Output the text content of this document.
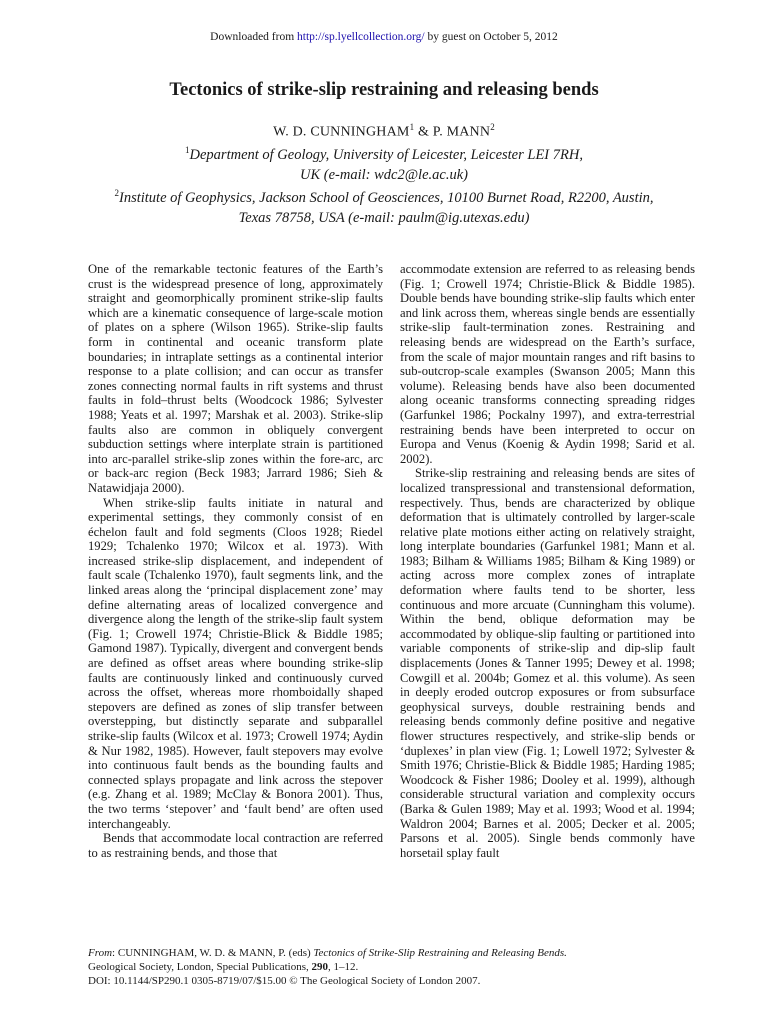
Downloaded from http://sp.lyellcollection.org/ by guest on October 5, 2012
Tectonics of strike-slip restraining and releasing bends
W. D. CUNNINGHAM$^1$ & P. MANN$^2$
$^1$Department of Geology, University of Leicester, Leicester LEI 7RH,
UK (e-mail: wdc2@le.ac.uk)
$^2$Institute of Geophysics, Jackson School of Geosciences, 10100 Burnet Road, R2200, Austin,
Texas 78758, USA (e-mail: paulm@ig.utexas.edu)

One of the remarkable tectonic features of the Earth’s crust is the widespread presence of long, approximately straight and geomorphically prominent strike-slip faults which are a kinematic consequence of large-scale motion of plates on a sphere (Wilson 1965). Strike-slip faults form in continental and oceanic transform plate boundaries; in intraplate settings as a continental interior response to a plate collision; and can occur as transfer zones connecting normal faults in rift systems and thrust faults in fold–thrust belts (Woodcock 1986; Sylvester 1988; Yeats et al. 1997; Marshak et al. 2003). Strike-slip faults also are common in obliquely convergent subduction settings where interplate strain is partitioned into arc-parallel strike-slip zones within the fore-arc, arc or back-arc region (Beck 1983; Jarrard 1986; Sieh & Natawidjaja 2000).

When strike-slip faults initiate in natural and experimental settings, they commonly consist of en échelon fault and fold segments (Cloos 1928; Riedel 1929; Tchalenko 1970; Wilcox et al. 1973). With increased strike-slip displacement, and independent of fault scale (Tchalenko 1970), fault segments link, and the linked areas along the ‘principal displacement zone’ may define alternating areas of localized convergence and divergence along the length of the strike-slip fault system (Fig. 1; Crowell 1974; Christie-Blick & Biddle 1985; Gamond 1987). Typically, divergent and convergent bends are defined as offset areas where bounding strike-slip faults are continuously linked and continuously curved across the offset, whereas more rhomboidally shaped stepovers are defined as zones of slip transfer between overstepping, but distinctly separate and subparallel strike-slip faults (Wilcox et al. 1973; Crowell 1974; Aydin & Nur 1982, 1985). However, fault stepovers may evolve into continuous fault bends as the bounding faults and connected splays propagate and link across the stepover (e.g. Zhang et al. 1989; McClay & Bonora 2001). Thus, the two terms ‘stepover’ and ‘fault bend’ are often used interchangeably.

Bends that accommodate local contraction are referred to as restraining bends, and those that

accommodate extension are referred to as releasing bends (Fig. 1; Crowell 1974; Christie-Blick & Biddle 1985). Double bends have bounding strike-slip faults which enter and link across them, whereas single bends are essentially strike-slip fault-termination zones. Restraining and releasing bends are widespread on the Earth’s surface, from the scale of major mountain ranges and rift basins to sub-outcrop-scale examples (Swanson 2005; Mann this volume). Releasing bends have also been documented along oceanic transforms connecting spreading ridges (Garfunkel 1986; Pockalny 1997), and extra-terrestrial restraining bends have been interpreted to occur on Europa and Venus (Koenig & Aydin 1998; Sarid et al. 2002).

Strike-slip restraining and releasing bends are sites of localized transpressional and transtensional deformation, respectively. Thus, bends are characterized by oblique deformation that is ultimately controlled by larger-scale relative plate motions either acting on relatively straight, long interplate boundaries (Garfunkel 1981; Mann et al. 1983; Bilham & Williams 1985; Bilham & King 1989) or acting across more complex zones of intraplate deformation where faults tend to be shorter, less continuous and more arcuate (Cunningham this volume). Within the bend, oblique deformation may be accommodated by oblique-slip faulting or partitioned into variable components of strike-slip and dip-slip fault displacements (Jones & Tanner 1995; Dewey et al. 1998; Cowgill et al. 2004b; Gomez et al. this volume). As seen in deeply eroded outcrop exposures or from subsurface geophysical surveys, double restraining bends and releasing bends commonly define positive and negative flower structures respectively, and strike-slip bends or ‘duplexes’ in plan view (Fig. 1; Lowell 1972; Sylvester & Smith 1976; Christie-Blick & Biddle 1985; Harding 1985; Woodcock & Fisher 1986; Dooley et al. 1999), although considerable structural variation and complexity occurs (Barka & Gulen 1989; May et al. 1993; Wood et al. 1994; Waldron 2004; Barnes et al. 2005; Decker et al. 2005; Parsons et al. 2005). Single bends commonly have horsetail splay fault

From: CUNNINGHAM, W. D. & MANN, P. (eds) Tectonics of Strike-Slip Restraining and Releasing Bends.
Geological Society, London, Special Publications, 290, 1–12.
DOI: 10.1144/SP290.1 0305-8719/07/$15.00 © The Geological Society of London 2007.
